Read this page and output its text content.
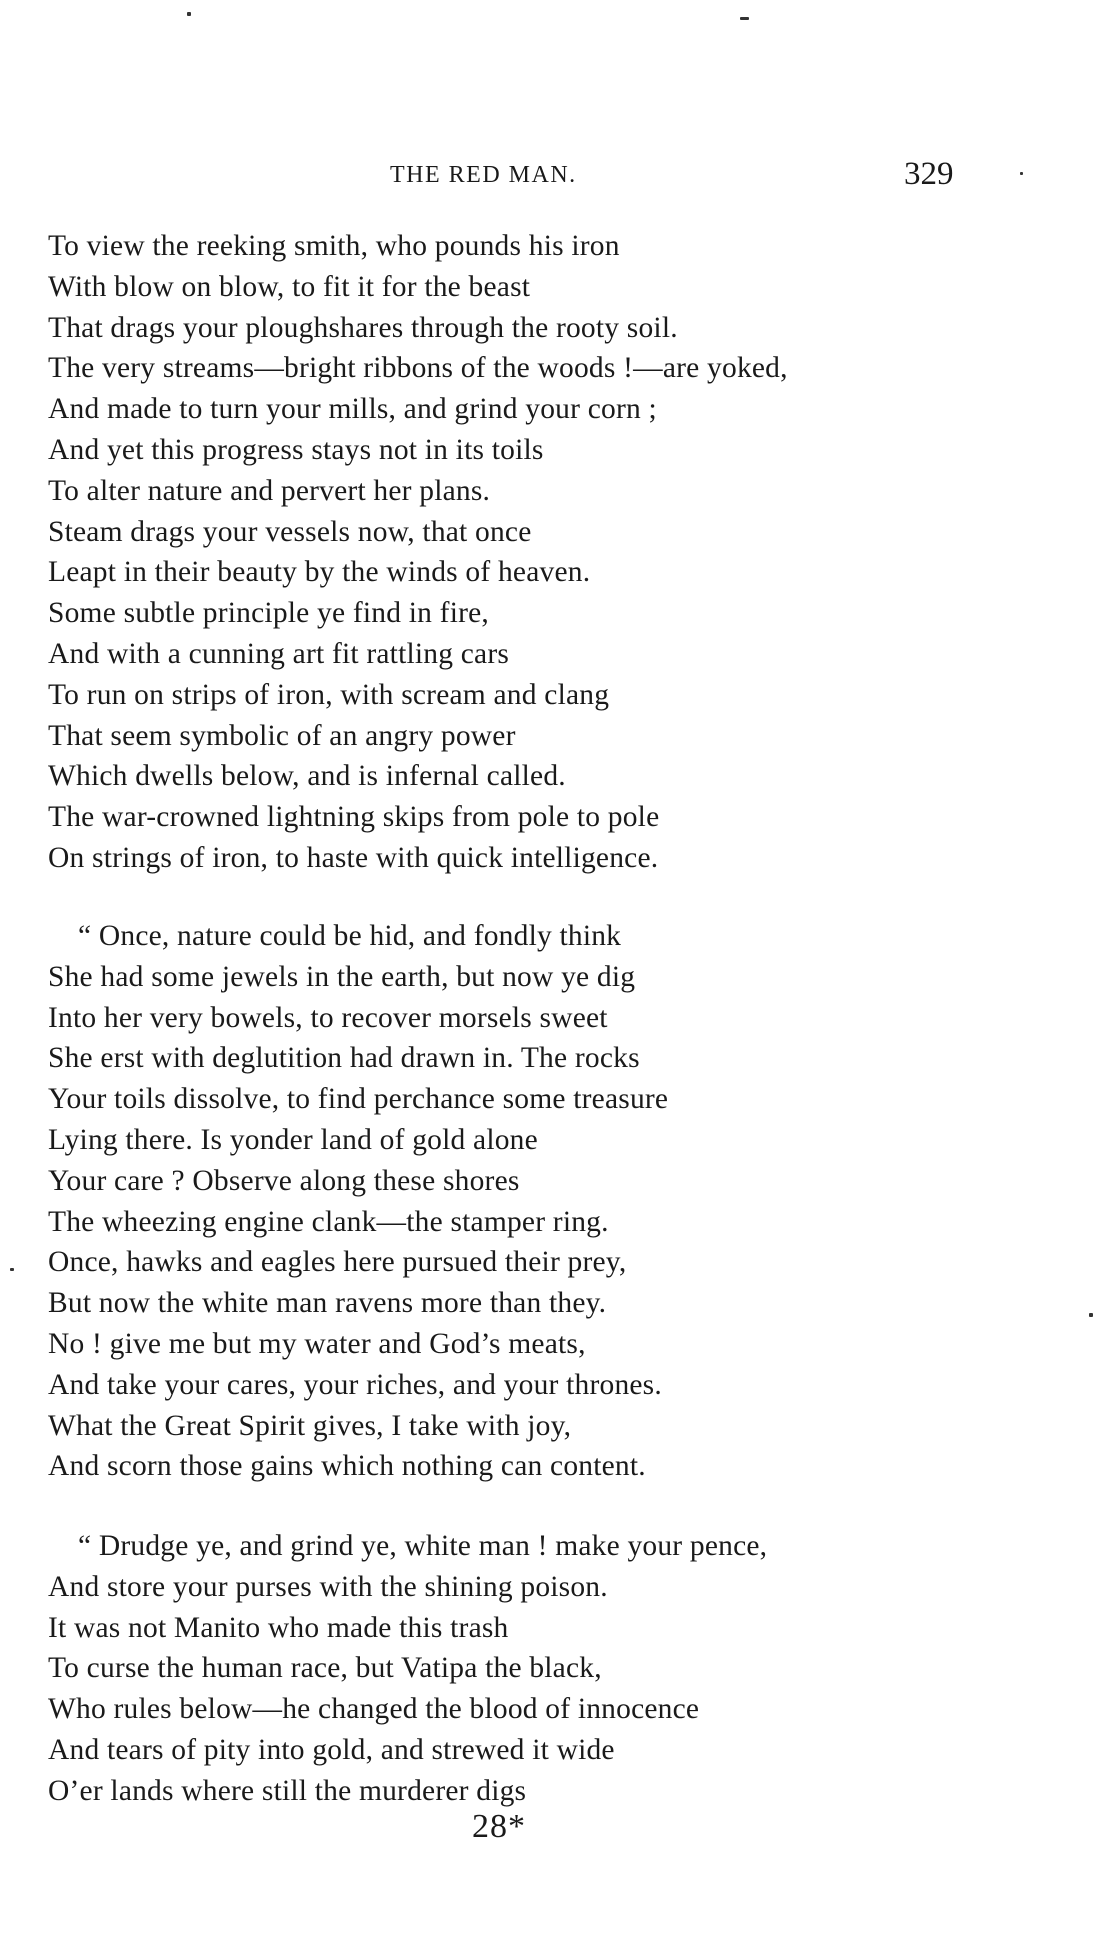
THE RED MAN.	329
To view the reeking smith, who pounds his iron
With blow on blow, to fit it for the beast
That drags your ploughshares through the rooty soil.
The very streams—bright ribbons of the woods !—are yoked,
And made to turn your mills, and grind your corn ;
And yet this progress stays not in its toils
To alter nature and pervert her plans.
Steam drags your vessels now, that once
Leapt in their beauty by the winds of heaven.
Some subtle principle ye find in fire,
And with a cunning art fit rattling cars
To run on strips of iron, with scream and clang
That seem symbolic of an angry power
Which dwells below, and is infernal called.
The war-crowned lightning skips from pole to pole
On strings of iron, to haste with quick intelligence.
“ Once, nature could be hid, and fondly think
She had some jewels in the earth, but now ye dig
Into her very bowels, to recover morsels sweet
She erst with deglutition had drawn in. The rocks
Your toils dissolve, to find perchance some treasure
Lying there. Is yonder land of gold alone
Your care ? Observe along these shores
The wheezing engine clank—the stamper ring.
Once, hawks and eagles here pursued their prey,
But now the white man ravens more than they.
No ! give me but my water and God’s meats,
And take your cares, your riches, and your thrones.
What the Great Spirit gives, I take with joy,
And scorn those gains which nothing can content.
“ Drudge ye, and grind ye, white man ! make your pence,
And store your purses with the shining poison.
It was not Manito who made this trash
To curse the human race, but Vatipa the black,
Who rules below—he changed the blood of innocence
And tears of pity into gold, and strewed it wide
O’er lands where still the murderer digs
28*
